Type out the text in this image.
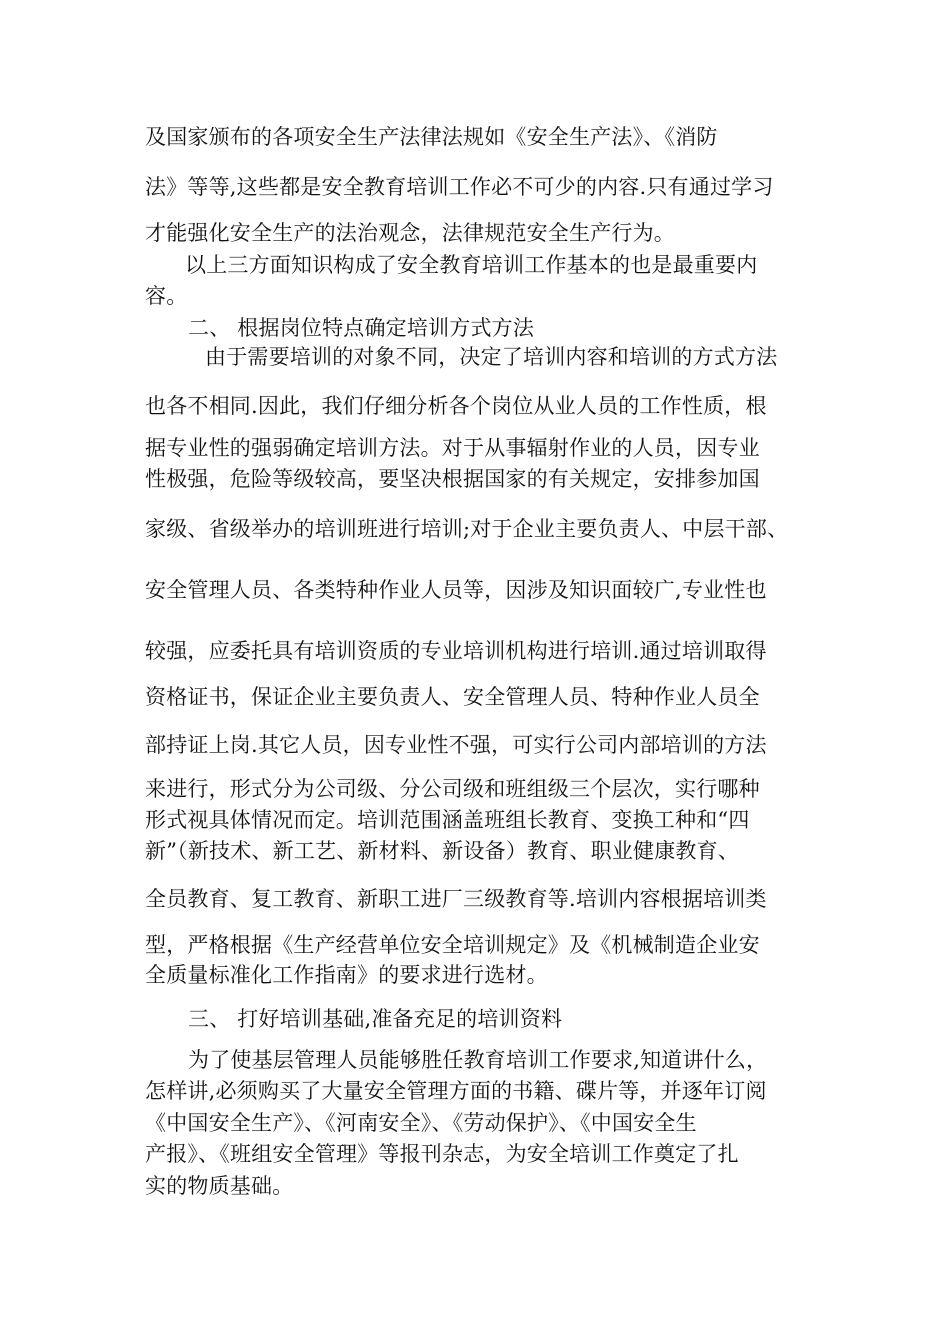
及国家颁布的各项安全生产法律法规如《安全生产法》、《消防
法》等等,这些都是安全教育培训工作必不可少的内容.只有通过学习
才能强化安全生产的法治观念，法律规范安全生产行为。
以上三方面知识构成了安全教育培训工作基本的也是最重要内
容。
二、 根据岗位特点确定培训方式方法
由于需要培训的对象不同，决定了培训内容和培训的方式方法
也各不相同.因此，我们仔细分析各个岗位从业人员的工作性质，根
据专业性的强弱确定培训方法。对于从事辐射作业的人员，因专业
性极强，危险等级较高，要坚决根据国家的有关规定，安排参加国
家级、省级举办的培训班进行培训;对于企业主要负责人、中层干部、
安全管理人员、各类特种作业人员等，因涉及知识面较广,专业性也
较强，应委托具有培训资质的专业培训机构进行培训.通过培训取得
资格证书，保证企业主要负责人、安全管理人员、特种作业人员全
部持证上岗.其它人员，因专业性不强，可实行公司内部培训的方法
来进行，形式分为公司级、分公司级和班组级三个层次，实行哪种
形式视具体情况而定。培训范围涵盖班组长教育、变换工种和“四
新”（新技术、新工艺、新材料、新设备）教育、职业健康教育、
全员教育、复工教育、新职工进厂三级教育等.培训内容根据培训类
型，严格根据《生产经营单位安全培训规定》及《机械制造企业安
全质量标准化工作指南》的要求进行选材。
三、 打好培训基础,准备充足的培训资料
为了使基层管理人员能够胜任教育培训工作要求,知道讲什么，
怎样讲,必须购买了大量安全管理方面的书籍、碟片等，并逐年订阅
《中国安全生产》、《河南安全》、《劳动保护》、《中国安全生
产报》、《班组安全管理》等报刊杂志，为安全培训工作奠定了扎
实的物质基础。
